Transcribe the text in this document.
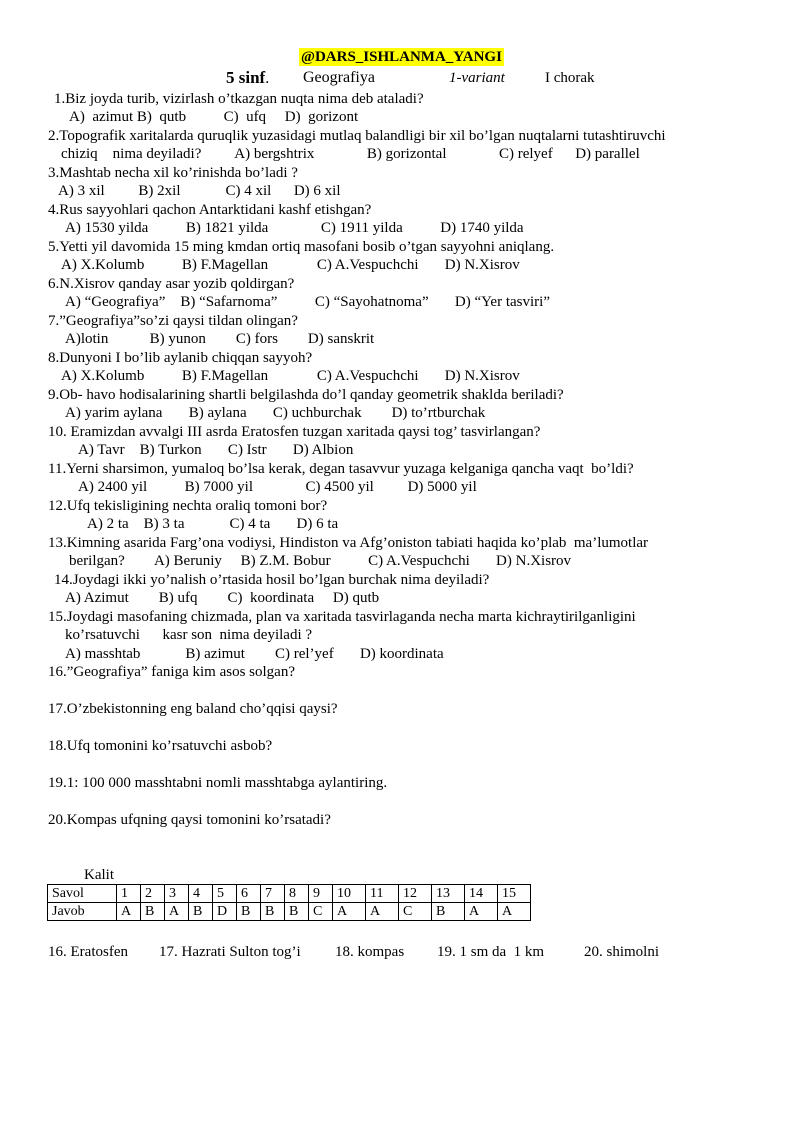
@DARS_ISHLANMA_YANGI
5 sinf. Geografiya	1-variant	I chorak
1.Biz joyda turib, vizirlash o’tkazgan nuqta nima deb ataladi?
A)  azimut B)  qutb          C)  ufq     D)  gorizont
2.Topografik xaritalarda quruqlik yuzasidagi mutlaq balandligi bir xil bo’lgan nuqtalarni tutashtiruvchi
chiziq    nima deyiladi?         A) bergshtrix              B) gorizontal              C) relyef      D) parallel
3.Mashtab necha xil ko’rinishda bo’ladi ?
A) 3 xil         B) 2xil            C) 4 xil      D) 6 xil
4.Rus sayyohlari qachon Antarktidani kashf etishgan?
A) 1530 yilda          B) 1821 yilda              C) 1911 yilda          D) 1740 yilda
5.Yetti yil davomida 15 ming kmdan ortiq masofani bosib o’tgan sayyohni aniqlang.
A) X.Kolumb          B) F.Magellan             C) A.Vespuchchi       D) N.Xisrov
6.N.Xisrov qanday asar yozib qoldirgan?
A) “Geografiya”    B) “Safarnoma”          C) “Sayohatnoma”       D) “Yer tasviri”
7.”Geografiya”so’zi qaysi tildan olingan?
A)lotin           B) yunon        C) fors        D) sanskrit
8.Dunyoni I bo’lib aylanib chiqqan sayyoh?
A) X.Kolumb          B) F.Magellan             C) A.Vespuchchi       D) N.Xisrov
9.Ob- havo hodisalarining shartli belgilashda do’l qanday geometrik shaklda beriladi?
A) yarim aylana       B) aylana       C) uchburchak        D) to’rtburchak
10. Eramizdan avvalgi III asrda Eratosfen tuzgan xaritada qaysi tog’ tasvirlangan?
A) Tavr    B) Turkon       C) Istr       D) Albion
11.Yerni sharsimon, yumaloq bo’lsa kerak, degan tasavvur yuzaga kelganiga qancha vaqt  bo’ldi?
A) 2400 yil          B) 7000 yil              C) 4500 yil         D) 5000 yil
12.Ufq tekisligining nechta oraliq tomoni bor?
A) 2 ta    B) 3 ta            C) 4 ta       D) 6 ta
13.Kimning asarida Farg’ona vodiysi, Hindiston va Afg’oniston tabiati haqida ko’plab  ma’lumotlar
berilgan?        A) Beruniy     B) Z.M. Bobur          C) A.Vespuchchi       D) N.Xisrov
14.Joydagi ikki yo’nalish o’rtasida hosil bo’lgan burchak nima deyiladi?
A) Azimut        B) ufq        C)  koordinata     D) qutb
15.Joydagi masofaning chizmada, plan va xaritada tasvirlaganda necha marta kichraytirilganligini
ko’rsatuvchi      kasr son  nima deyiladi ?
A) masshtab            B) azimut        C) rel’yef       D) koordinata
16.”Geografiya” faniga kim asos solgan?
17.O’zbekistonning eng baland cho’qqisi qaysi?
18.Ufq tomonini ko’rsatuvchi asbob?
19.1: 100 000 masshtabni nomli masshtabga aylantiring.
20.Kompas ufqning qaysi tomonini ko’rsatadi?
Kalit
Savol	1	2	3	4	5	6	7	8	9	10	11	12	13	14	15
Javob	A	B	A	B	D	B	B	B	C	A	A	C	B	A	A
16. Eratosfen 17. Hazrati Sulton tog’i 18. kompas 19. 1 sm da  1 km	20. shimolni
